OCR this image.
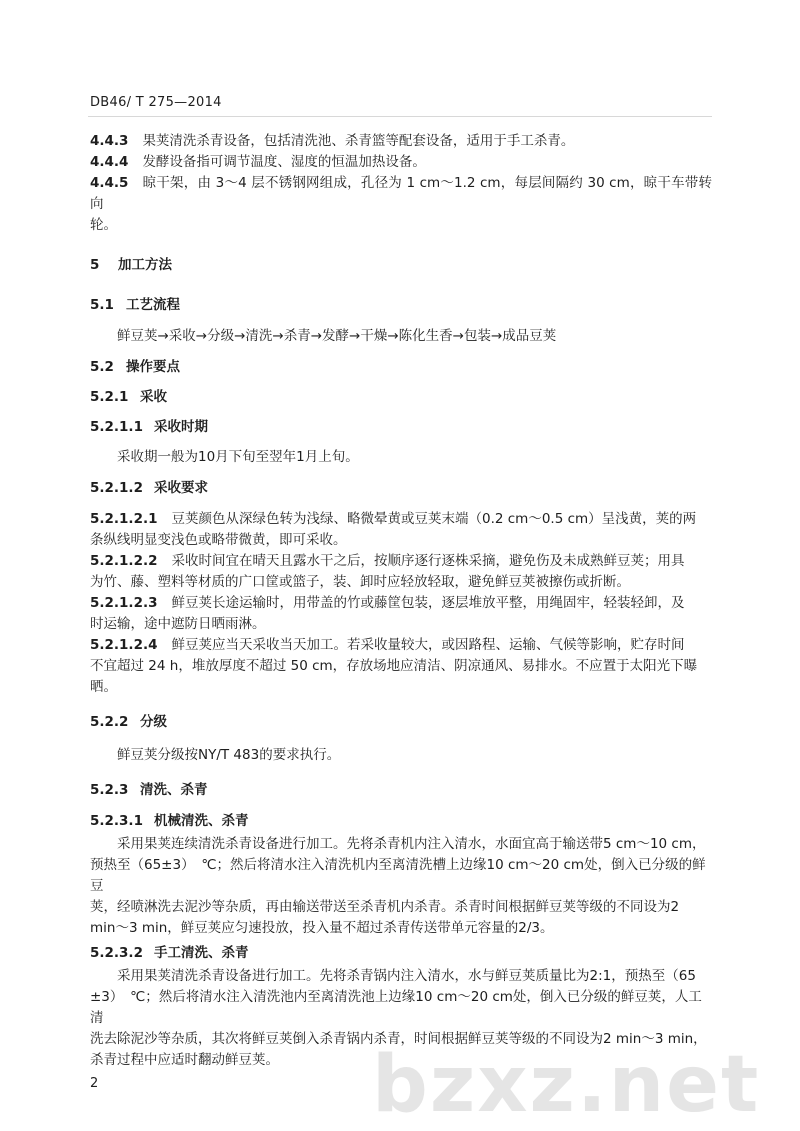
DB46/ T 275—2014
4.4.3 果荚清洗杀青设备，包括清洗池、杀青篮等配套设备，适用于手工杀青。
4.4.4 发酵设备指可调节温度、湿度的恒温加热设备。
4.4.5 晾干架，由 3～4 层不锈钢网组成，孔径为 1 cm～1.2 cm，每层间隔约 30 cm，晾干车带转向
轮。
5 加工方法
5.1 工艺流程
鲜豆荚→采收→分级→清洗→杀青→发酵→干燥→陈化生香→包装→成品豆荚
5.2 操作要点
5.2.1 采收
5.2.1.1 采收时期
采收期一般为10月下旬至翌年1月上旬。
5.2.1.2 采收要求
5.2.1.2.1 豆荚颜色从深绿色转为浅绿、略微晕黄或豆荚末端（0.2 cm～0.5 cm）呈浅黄，荚的两
条纵线明显变浅色或略带微黄，即可采收。
5.2.1.2.2 采收时间宜在晴天且露水干之后，按顺序逐行逐株采摘，避免伤及未成熟鲜豆荚；用具
为竹、藤、塑料等材质的广口筐或篮子，装、卸时应轻放轻取，避免鲜豆荚被擦伤或折断。
5.2.1.2.3 鲜豆荚长途运输时，用带盖的竹或藤筐包装，逐层堆放平整，用绳固牢，轻装轻卸，及
时运输，途中遮防日晒雨淋。
5.2.1.2.4 鲜豆荚应当天采收当天加工。若采收量较大，或因路程、运输、气候等影响，贮存时间
不宜超过 24 h，堆放厚度不超过 50 cm，存放场地应清洁、阴凉通风、易排水。不应置于太阳光下曝
晒。
5.2.2 分级
鲜豆荚分级按NY/T 483的要求执行。
5.2.3 清洗、杀青
5.2.3.1 机械清洗、杀青
采用果荚连续清洗杀青设备进行加工。先将杀青机内注入清水，水面宜高于输送带5 cm～10 cm，
预热至（65±3）　℃；然后将清水注入清洗机内至离清洗槽上边缘10 cm～20 cm处，倒入已分级的鲜豆
荚，经喷淋洗去泥沙等杂质，再由输送带送至杀青机内杀青。杀青时间根据鲜豆荚等级的不同设为2
min～3 min，鲜豆荚应匀速投放，投入量不超过杀青传送带单元容量的2/3。
5.2.3.2 手工清洗、杀青
采用果荚清洗杀青设备进行加工。先将杀青锅内注入清水，水与鲜豆荚质量比为2:1，预热至（65
±3）　℃；然后将清水注入清洗池内至离清洗池上边缘10 cm～20 cm处，倒入已分级的鲜豆荚，人工清
洗去除泥沙等杂质，其次将鲜豆荚倒入杀青锅内杀青，时间根据鲜豆荚等级的不同设为2 min～3 min，
杀青过程中应适时翻动鲜豆荚。	bzxz.net
2
